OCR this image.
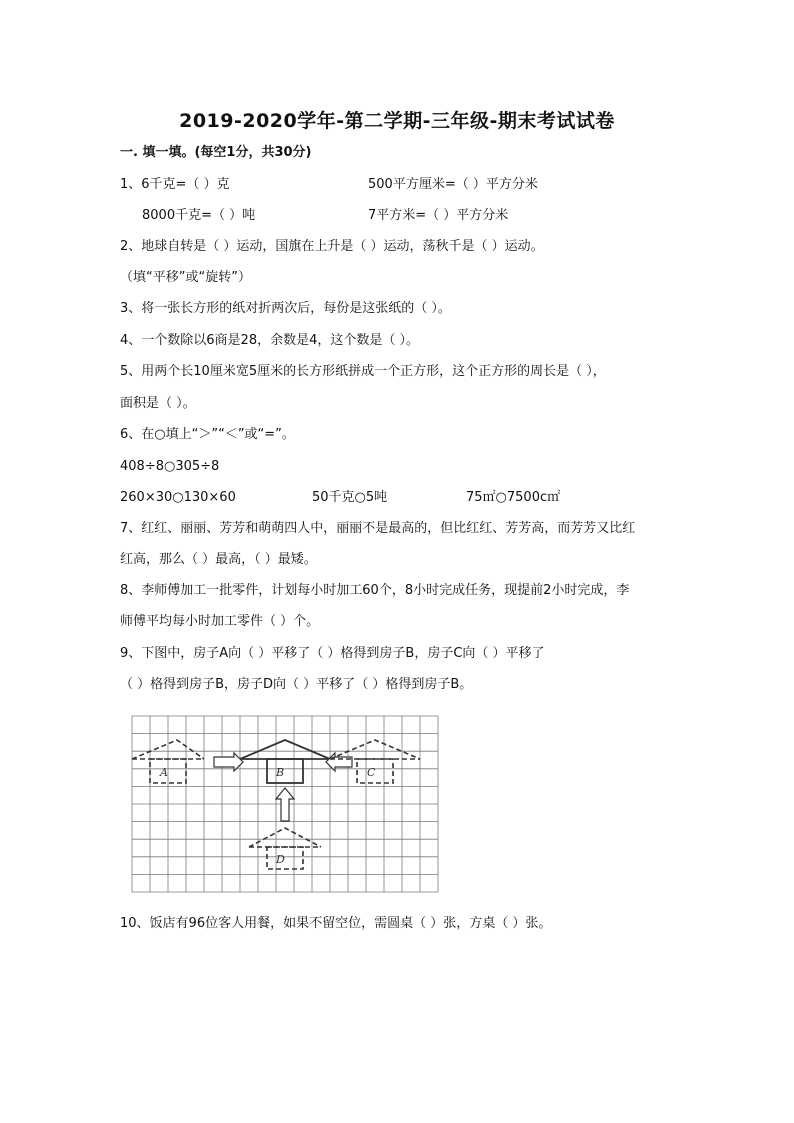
2019-2020学年-第二学期-三年级-期末考试试卷
一. 填一填。(每空1分，共30分)
1、6千克=（ ）克	500平方厘米=（ ）平方分米
8000千克=（ ）吨	7平方米=（ ）平方分米
2、地球自转是（ ）运动，国旗在上升是（ ）运动，荡秋千是（ ）运动。
（填“平移”或“旋转”）
3、将一张长方形的纸对折两次后，每份是这张纸的（ ）。
4、一个数除以6商是28，余数是4，这个数是（ ）。
5、用两个长10厘米宽5厘米的长方形纸拼成一个正方形，这个正方形的周长是（ ），
面积是（ ）。
6、在○填上“＞”“＜”或“=”。
408÷8○305÷8
260×30○130×60	50千克○5吨	75㎡○7500c㎡
7、红红、丽丽、芳芳和萌萌四人中，丽丽不是最高的，但比红红、芳芳高，而芳芳又比红
红高，那么（ ）最高，（ ）最矮。
8、李师傅加工一批零件，计划每小时加工60个，8小时完成任务，现提前2小时完成，李
师傅平均每小时加工零件（ ）个。
9、下图中，房子A向（ ）平移了（ ）格得到房子B，房子C向（ ）平移了
（ ）格得到房子B，房子D向（ ）平移了（ ）格得到房子B。
A	B	C
D
10、饭店有96位客人用餐，如果不留空位，需圆桌（ ）张，方桌（ ）张。
